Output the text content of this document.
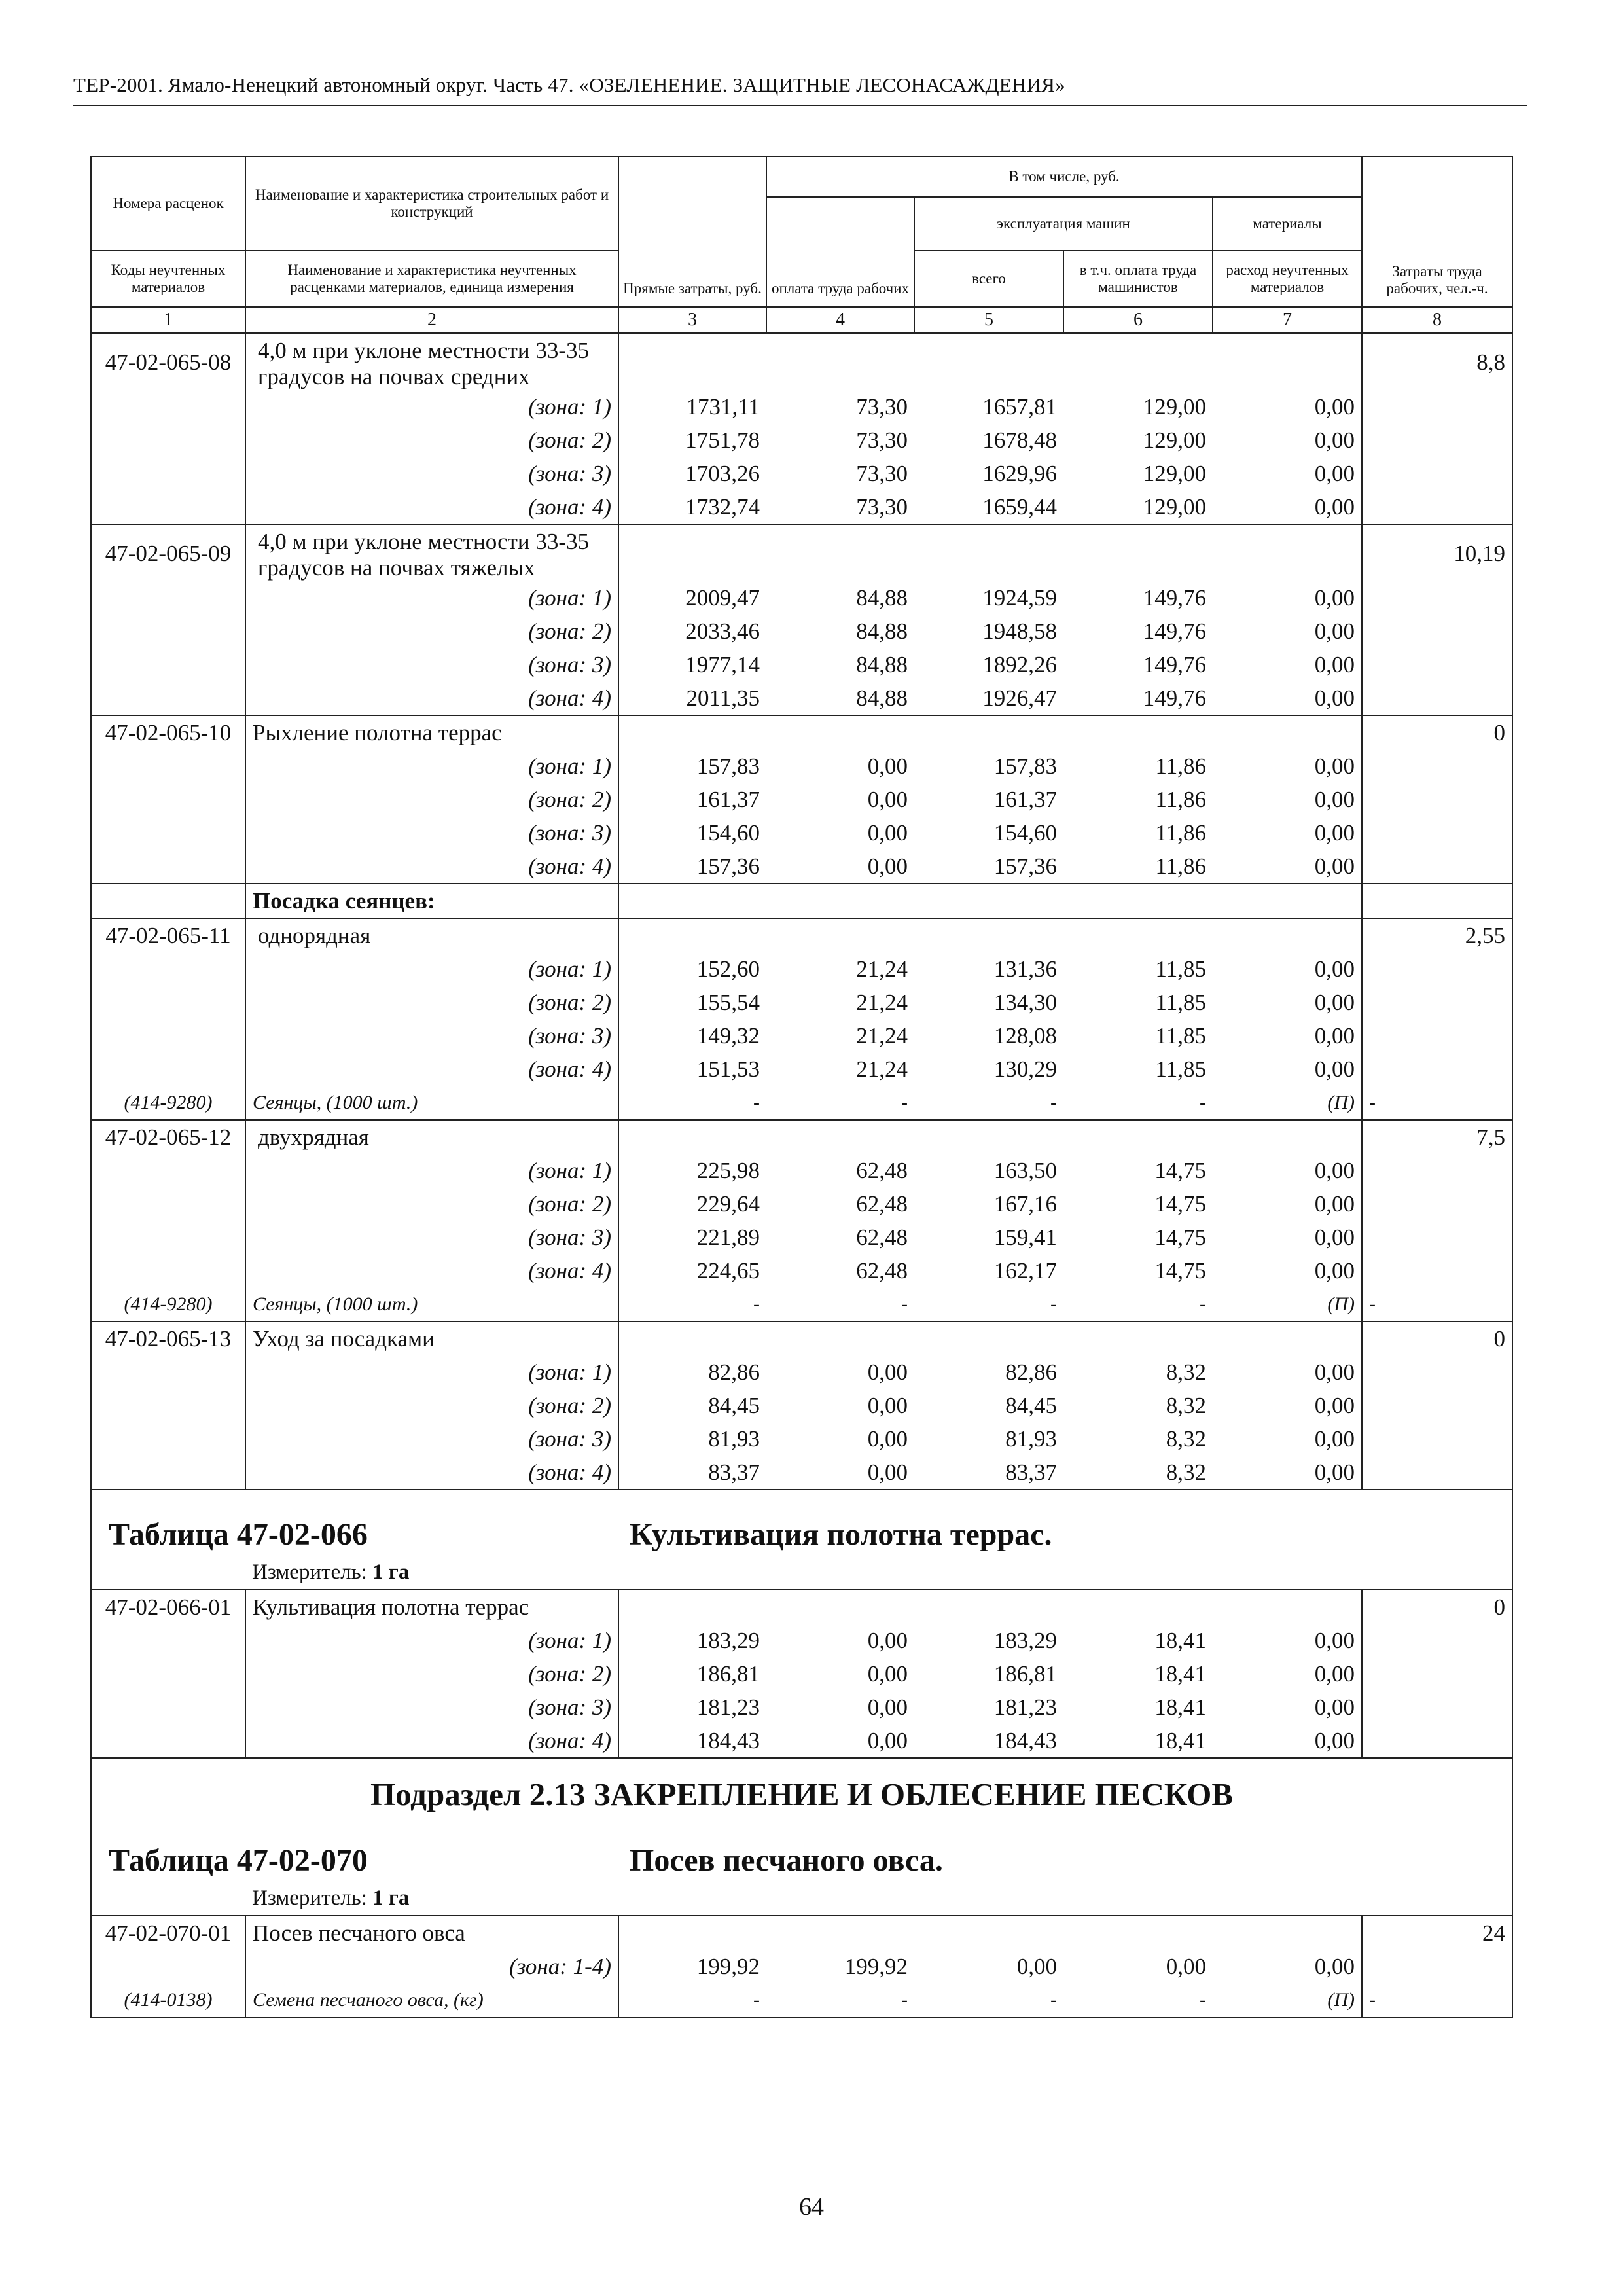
ТЕР-2001. Ямало-Ненецкий автономный округ. Часть 47. «ОЗЕЛЕНЕНИЕ. ЗАЩИТНЫЕ ЛЕСОНАСАЖДЕНИЯ»
Номера расценок	Наименование и характеристика строительных работ и конструкций	Прямые затраты, руб.	В том числе, руб.				Затраты труда рабочих, чел.-ч.
			оплата труда рабочих	эксплуатация машин		материалы	
				всего	в т.ч. оплата труда машинистов	расход неучтенных материалов	
Коды неучтенных материалов	Наименование и характеристика неучтенных расценками материалов, единица измерения						
1	2	3	4	5	6	7	8
47-02-065-08	4,0 м при уклоне местности 33-35 градусов на почвах средних						8,8
	(зона: 1)	1731,11	73,30	1657,81	129,00	0,00	
	(зона: 2)	1751,78	73,30	1678,48	129,00	0,00	
	(зона: 3)	1703,26	73,30	1629,96	129,00	0,00	
	(зона: 4)	1732,74	73,30	1659,44	129,00	0,00	
47-02-065-09	4,0 м при уклоне местности 33-35 градусов на почвах тяжелых						10,19
	(зона: 1)	2009,47	84,88	1924,59	149,76	0,00	
	(зона: 2)	2033,46	84,88	1948,58	149,76	0,00	
	(зона: 3)	1977,14	84,88	1892,26	149,76	0,00	
	(зона: 4)	2011,35	84,88	1926,47	149,76	0,00	
47-02-065-10	Рыхление полотна террас						0
	(зона: 1)	157,83	0,00	157,83	11,86	0,00	
	(зона: 2)	161,37	0,00	161,37	11,86	0,00	
	(зона: 3)	154,60	0,00	154,60	11,86	0,00	
	(зона: 4)	157,36	0,00	157,36	11,86	0,00	
	Посадка сеянцев:						
47-02-065-11	однорядная						2,55
	(зона: 1)	152,60	21,24	131,36	11,85	0,00	
	(зона: 2)	155,54	21,24	134,30	11,85	0,00	
	(зона: 3)	149,32	21,24	128,08	11,85	0,00	
	(зона: 4)	151,53	21,24	130,29	11,85	0,00	
(414-9280)	Сеянцы, (1000 шт.)	-	-	-	-	(П)	-
47-02-065-12	двухрядная						7,5
	(зона: 1)	225,98	62,48	163,50	14,75	0,00	
	(зона: 2)	229,64	62,48	167,16	14,75	0,00	
	(зона: 3)	221,89	62,48	159,41	14,75	0,00	
	(зона: 4)	224,65	62,48	162,17	14,75	0,00	
(414-9280)	Сеянцы, (1000 шт.)	-	-	-	-	(П)	-
47-02-065-13	Уход за посадками						0
	(зона: 1)	82,86	0,00	82,86	8,32	0,00	
	(зона: 2)	84,45	0,00	84,45	8,32	0,00	
	(зона: 3)	81,93	0,00	81,93	8,32	0,00	
	(зона: 4)	83,37	0,00	83,37	8,32	0,00	
Таблица 47-02-066 Культивация полотна террас.							
	Измеритель: 1 га						
47-02-066-01	Культивация полотна террас						0
	(зона: 1)	183,29	0,00	183,29	18,41	0,00	
	(зона: 2)	186,81	0,00	186,81	18,41	0,00	
	(зона: 3)	181,23	0,00	181,23	18,41	0,00	
	(зона: 4)	184,43	0,00	184,43	18,41	0,00	
Подраздел 2.13 ЗАКРЕПЛЕНИЕ И ОБЛЕСЕНИЕ ПЕСКОВ							
Таблица 47-02-070 Посев песчаного овса.							
	Измеритель: 1 га						
47-02-070-01	Посев песчаного овса						24
	(зона: 1-4)	199,92	199,92	0,00	0,00	0,00	
(414-0138)	Семена песчаного овса, (кг)	-	-	-	-	(П)	-
64
